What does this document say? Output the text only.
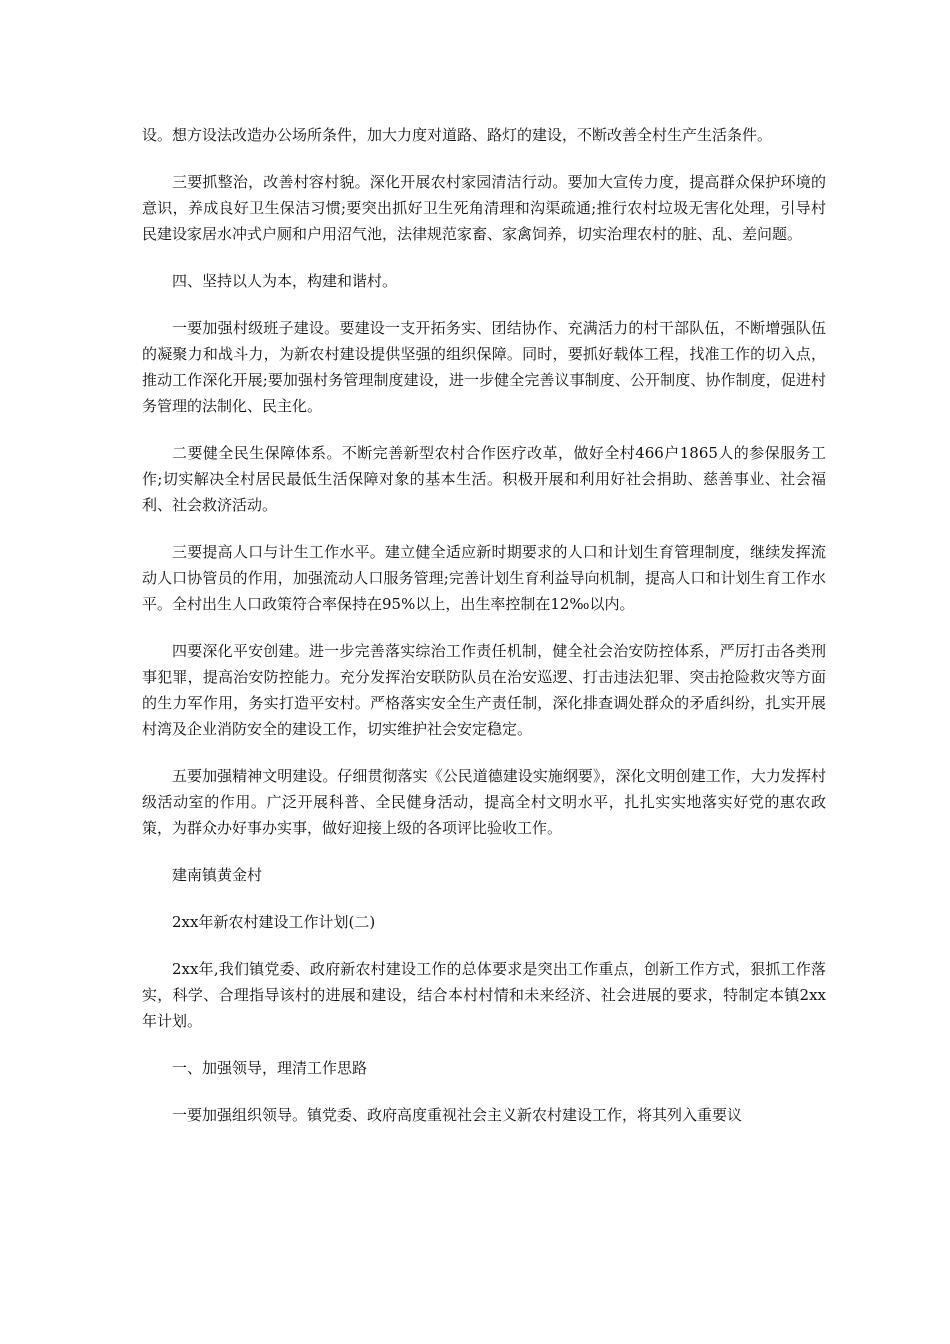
设。想方设法改造办公场所条件，加大力度对道路、路灯的建设，不断改善全村生产生活条件。

三要抓整治，改善村容村貌。深化开展农村家园清洁行动。要加大宣传力度，提高群众保护环境的意识，养成良好卫生保洁习惯;要突出抓好卫生死角清理和沟渠疏通;推行农村垃圾无害化处理，引导村民建设家居水冲式户厕和户用沼气池，法律规范家畜、家禽饲养，切实治理农村的脏、乱、差问题。

四、坚持以人为本，构建和谐村。

一要加强村级班子建设。要建设一支开拓务实、团结协作、充满活力的村干部队伍，不断增强队伍的凝聚力和战斗力，为新农村建设提供坚强的组织保障。同时，要抓好载体工程，找准工作的切入点，推动工作深化开展;要加强村务管理制度建设，进一步健全完善议事制度、公开制度、协作制度，促进村务管理的法制化、民主化。

二要健全民生保障体系。不断完善新型农村合作医疗改革，做好全村466户1865人的参保服务工作;切实解决全村居民最低生活保障对象的基本生活。积极开展和利用好社会捐助、慈善事业、社会福利、社会救济活动。

三要提高人口与计生工作水平。建立健全适应新时期要求的人口和计划生育管理制度，继续发挥流动人口协管员的作用，加强流动人口服务管理;完善计划生育利益导向机制，提高人口和计划生育工作水平。全村出生人口政策符合率保持在95%以上，出生率控制在12‰以内。

四要深化平安创建。进一步完善落实综治工作责任机制，健全社会治安防控体系，严厉打击各类刑事犯罪，提高治安防控能力。充分发挥治安联防队员在治安巡逻、打击违法犯罪、突击抢险救灾等方面的生力军作用，务实打造平安村。严格落实安全生产责任制，深化排查调处群众的矛盾纠纷，扎实开展村湾及企业消防安全的建设工作，切实维护社会安定稳定。

五要加强精神文明建设。仔细贯彻落实《公民道德建设实施纲要》，深化文明创建工作，大力发挥村级活动室的作用。广泛开展科普、全民健身活动，提高全村文明水平，扎扎实实地落实好党的惠农政策，为群众办好事办实事，做好迎接上级的各项评比验收工作。

建南镇黄金村

2xx年新农村建设工作计划(二)

2xx年,我们镇党委、政府新农村建设工作的总体要求是突出工作重点，创新工作方式，狠抓工作落实，科学、合理指导该村的进展和建设，结合本村村情和未来经济、社会进展的要求，特制定本镇2xx年计划。

一、加强领导，理清工作思路

一要加强组织领导。镇党委、政府高度重视社会主义新农村建设工作，将其列入重要议
